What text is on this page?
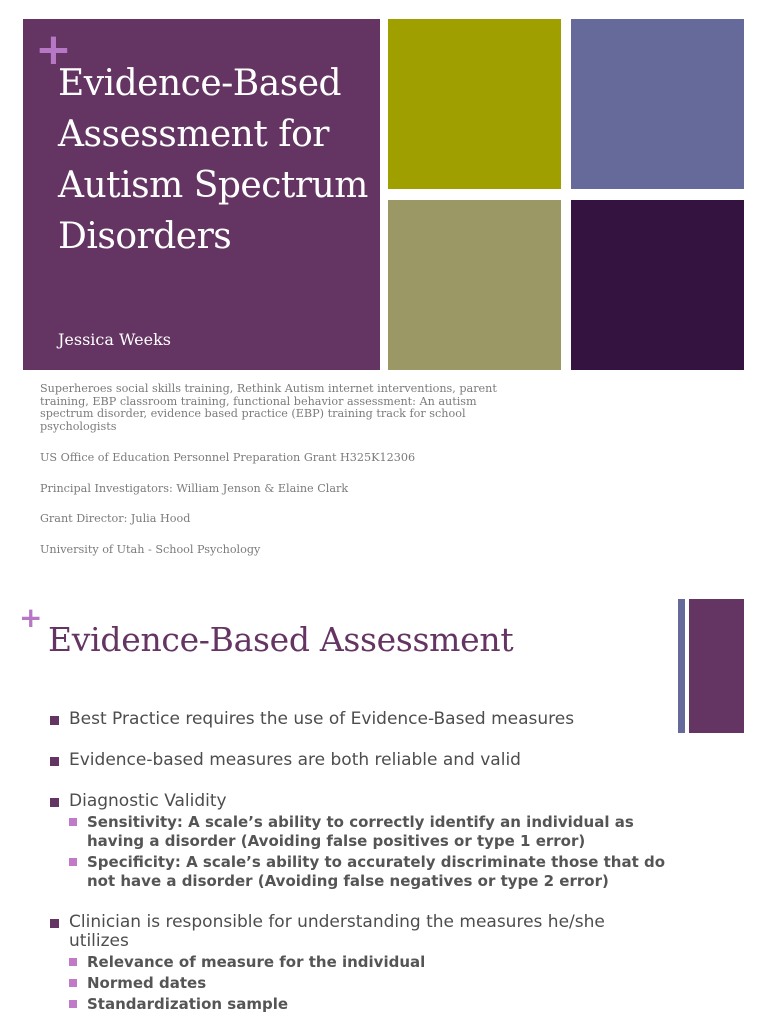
+
Evidence-Based Assessment for Autism Spectrum Disorders
Jessica Weeks

Superheroes social skills training, Rethink Autism internet interventions, parent training, EBP classroom training, functional behavior assessment: An autism spectrum disorder, evidence based practice (EBP) training track for school psychologists

US Office of Education Personnel Preparation Grant H325K12306

Principal Investigators: William Jenson & Elaine Clark

Grant Director: Julia Hood

University of Utah - School Psychology

+
Evidence-Based Assessment
Best Practice requires the use of Evidence-Based measures
Evidence-based measures are both reliable and valid
Diagnostic Validity
Sensitivity: A scale’s ability to correctly identify an individual as having a disorder (Avoiding false positives or type 1 error)
Specificity: A scale’s ability to accurately discriminate those that do not have a disorder (Avoiding false negatives or type 2 error)
Clinician is responsible for understanding the measures he/she utilizes
Relevance of measure for the individual
Normed dates
Standardization sample
